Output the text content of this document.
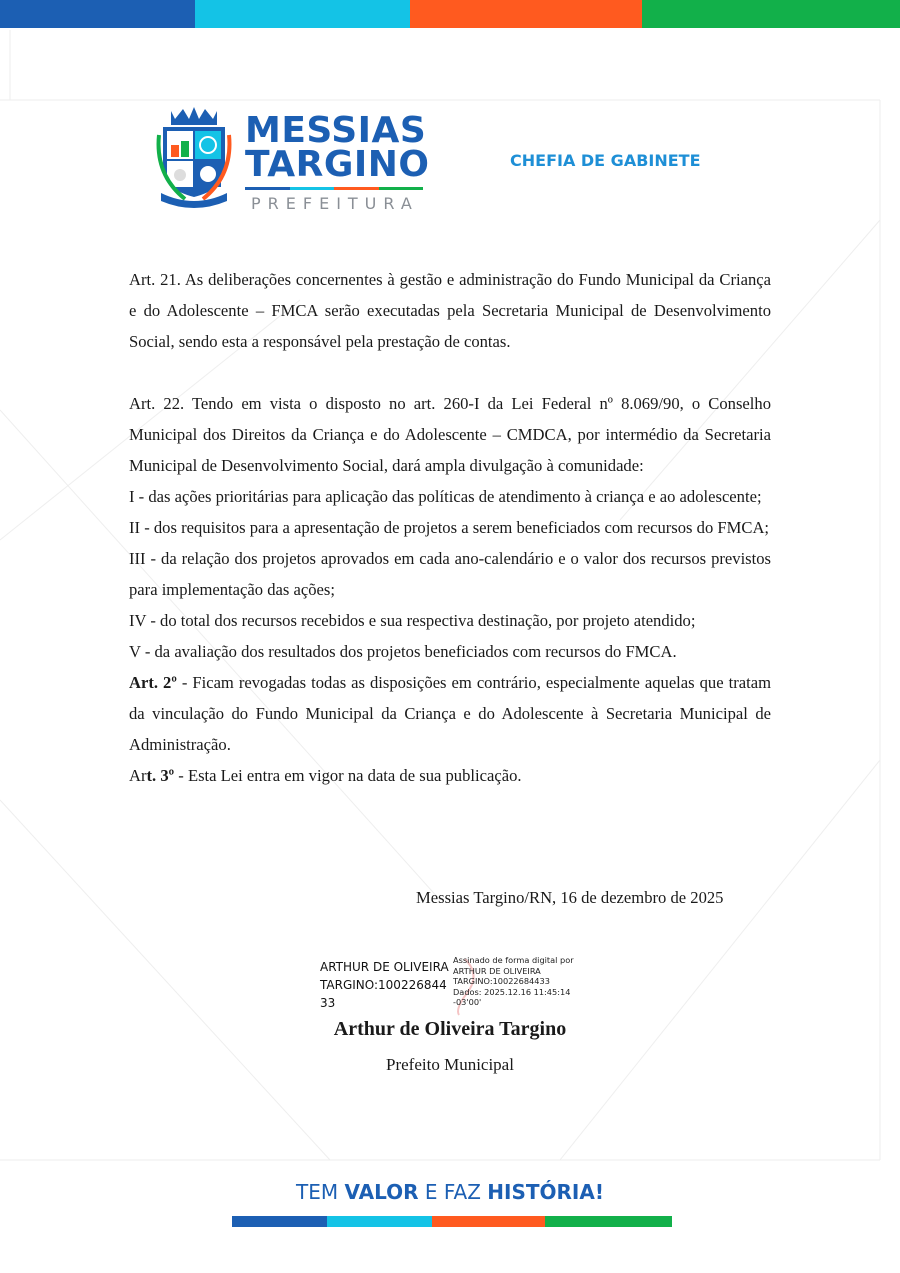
MESSIAS
TARGINO
PREFEITURA
CHEFIA DE GABINETE

Art. 21. As deliberações concernentes à gestão e administração do Fundo Municipal da Criança e do Adolescente – FMCA serão executadas pela Secretaria Municipal de Desenvolvimento Social, sendo esta a responsável pela prestação de contas.

Art. 22. Tendo em vista o disposto no art. 260-I da Lei Federal nº 8.069/90, o Conselho Municipal dos Direitos da Criança e do Adolescente – CMDCA, por intermédio da Secretaria Municipal de Desenvolvimento Social, dará ampla divulgação à comunidade:

I - das ações prioritárias para aplicação das políticas de atendimento à criança e ao adolescente;

II - dos requisitos para a apresentação de projetos a serem beneficiados com recursos do FMCA;

III - da relação dos projetos aprovados em cada ano-calendário e o valor dos recursos previstos para implementação das ações;

IV - do total dos recursos recebidos e sua respectiva destinação, por projeto atendido;

V - da avaliação dos resultados dos projetos beneficiados com recursos do FMCA.

Art. 2º - Ficam revogadas todas as disposições em contrário, especialmente aquelas que tratam da vinculação do Fundo Municipal da Criança e do Adolescente à Secretaria Municipal de Administração.

Art. 3º - Esta Lei entra em vigor na data de sua publicação.

Messias Targino/RN, 16 de dezembro de 2025
ARTHUR DE OLIVEIRA
TARGINO:100226844
33
Assinado de forma digital por
ARTHUR DE OLIVEIRA
TARGINO:10022684433
Dados: 2025.12.16 11:45:14
-03'00'
Arthur de Oliveira Targino
Prefeito Municipal
TEM VALOR E FAZ HISTÓRIA!
